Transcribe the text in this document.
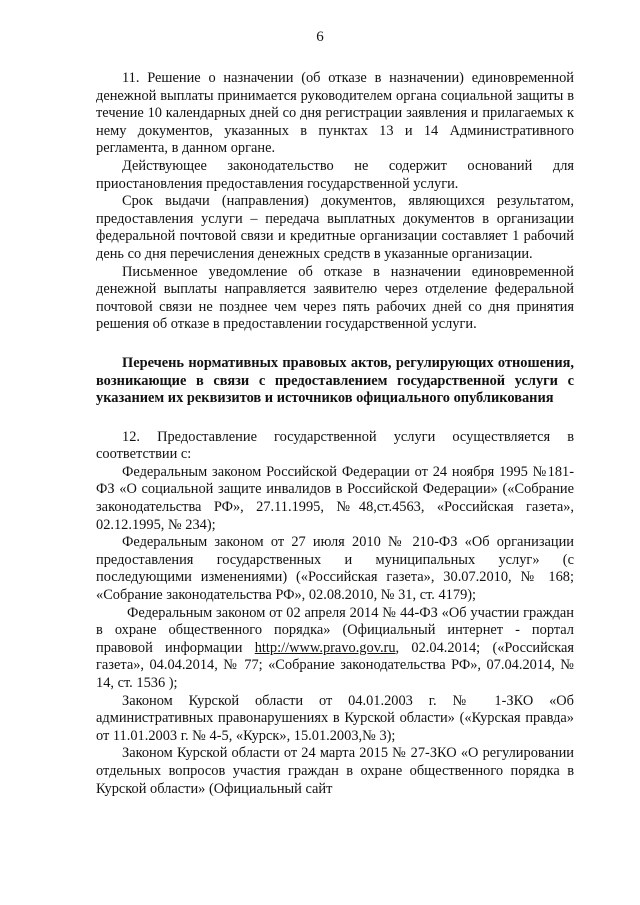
6

11. Решение о назначении (об отказе в назначении) единовременной денежной выплаты принимается руководителем органа социальной защиты в течение 10 календарных дней со дня регистрации заявления и прилагаемых к нему документов, указанных в пунктах 13 и 14 Административного регламента, в данном органе.

Действующее законодательство не содержит оснований для приостановления предоставления государственной услуги.

Срок выдачи (направления) документов, являющихся результатом, предоставления услуги – передача выплатных документов в организации федеральной почтовой связи и кредитные организации составляет 1 рабочий день со дня перечисления денежных средств в указанные организации.

Письменное уведомление об отказе в назначении единовременной денежной выплаты направляется заявителю через отделение федеральной почтовой связи не позднее чем через пять рабочих дней со дня принятия решения об отказе в предоставлении государственной услуги.

Перечень нормативных правовых актов, регулирующих отношения, возникающие в связи с предоставлением государственной услуги с указанием их реквизитов и источников официального опубликования

12. Предоставление государственной услуги осуществляется в соответствии с:

Федеральным законом Российской Федерации от 24 ноября 1995 №181-ФЗ «О социальной защите инвалидов в Российской Федерации» («Собрание законодательства РФ», 27.11.1995, №48,ст.4563, «Российская газета», 02.12.1995, № 234);

Федеральным законом от 27 июля 2010 № 210-ФЗ «Об организации предоставления государственных и муниципальных услуг» (с последующими изменениями) («Российская газета», 30.07.2010, № 168; «Собрание законодательства РФ», 02.08.2010, № 31, ст. 4179);

Федеральным законом от 02 апреля 2014 № 44-ФЗ «Об участии граждан в охране общественного порядка» (Официальный интернет - портал правовой информации http://www.pravo.gov.ru, 02.04.2014; («Российская газета», 04.04.2014, № 77; «Собрание законодательства РФ», 07.04.2014, № 14, ст. 1536 );

Законом Курской области от 04.01.2003 г. № 1-ЗКО «Об административных правонарушениях в Курской области» («Курская правда» от 11.01.2003 г. № 4-5, «Курск», 15.01.2003,№ 3);

Законом Курской области от 24 марта 2015 № 27-ЗКО «О регулировании отдельных вопросов участия граждан в охране общественного порядка в Курской области» (Официальный сайт
